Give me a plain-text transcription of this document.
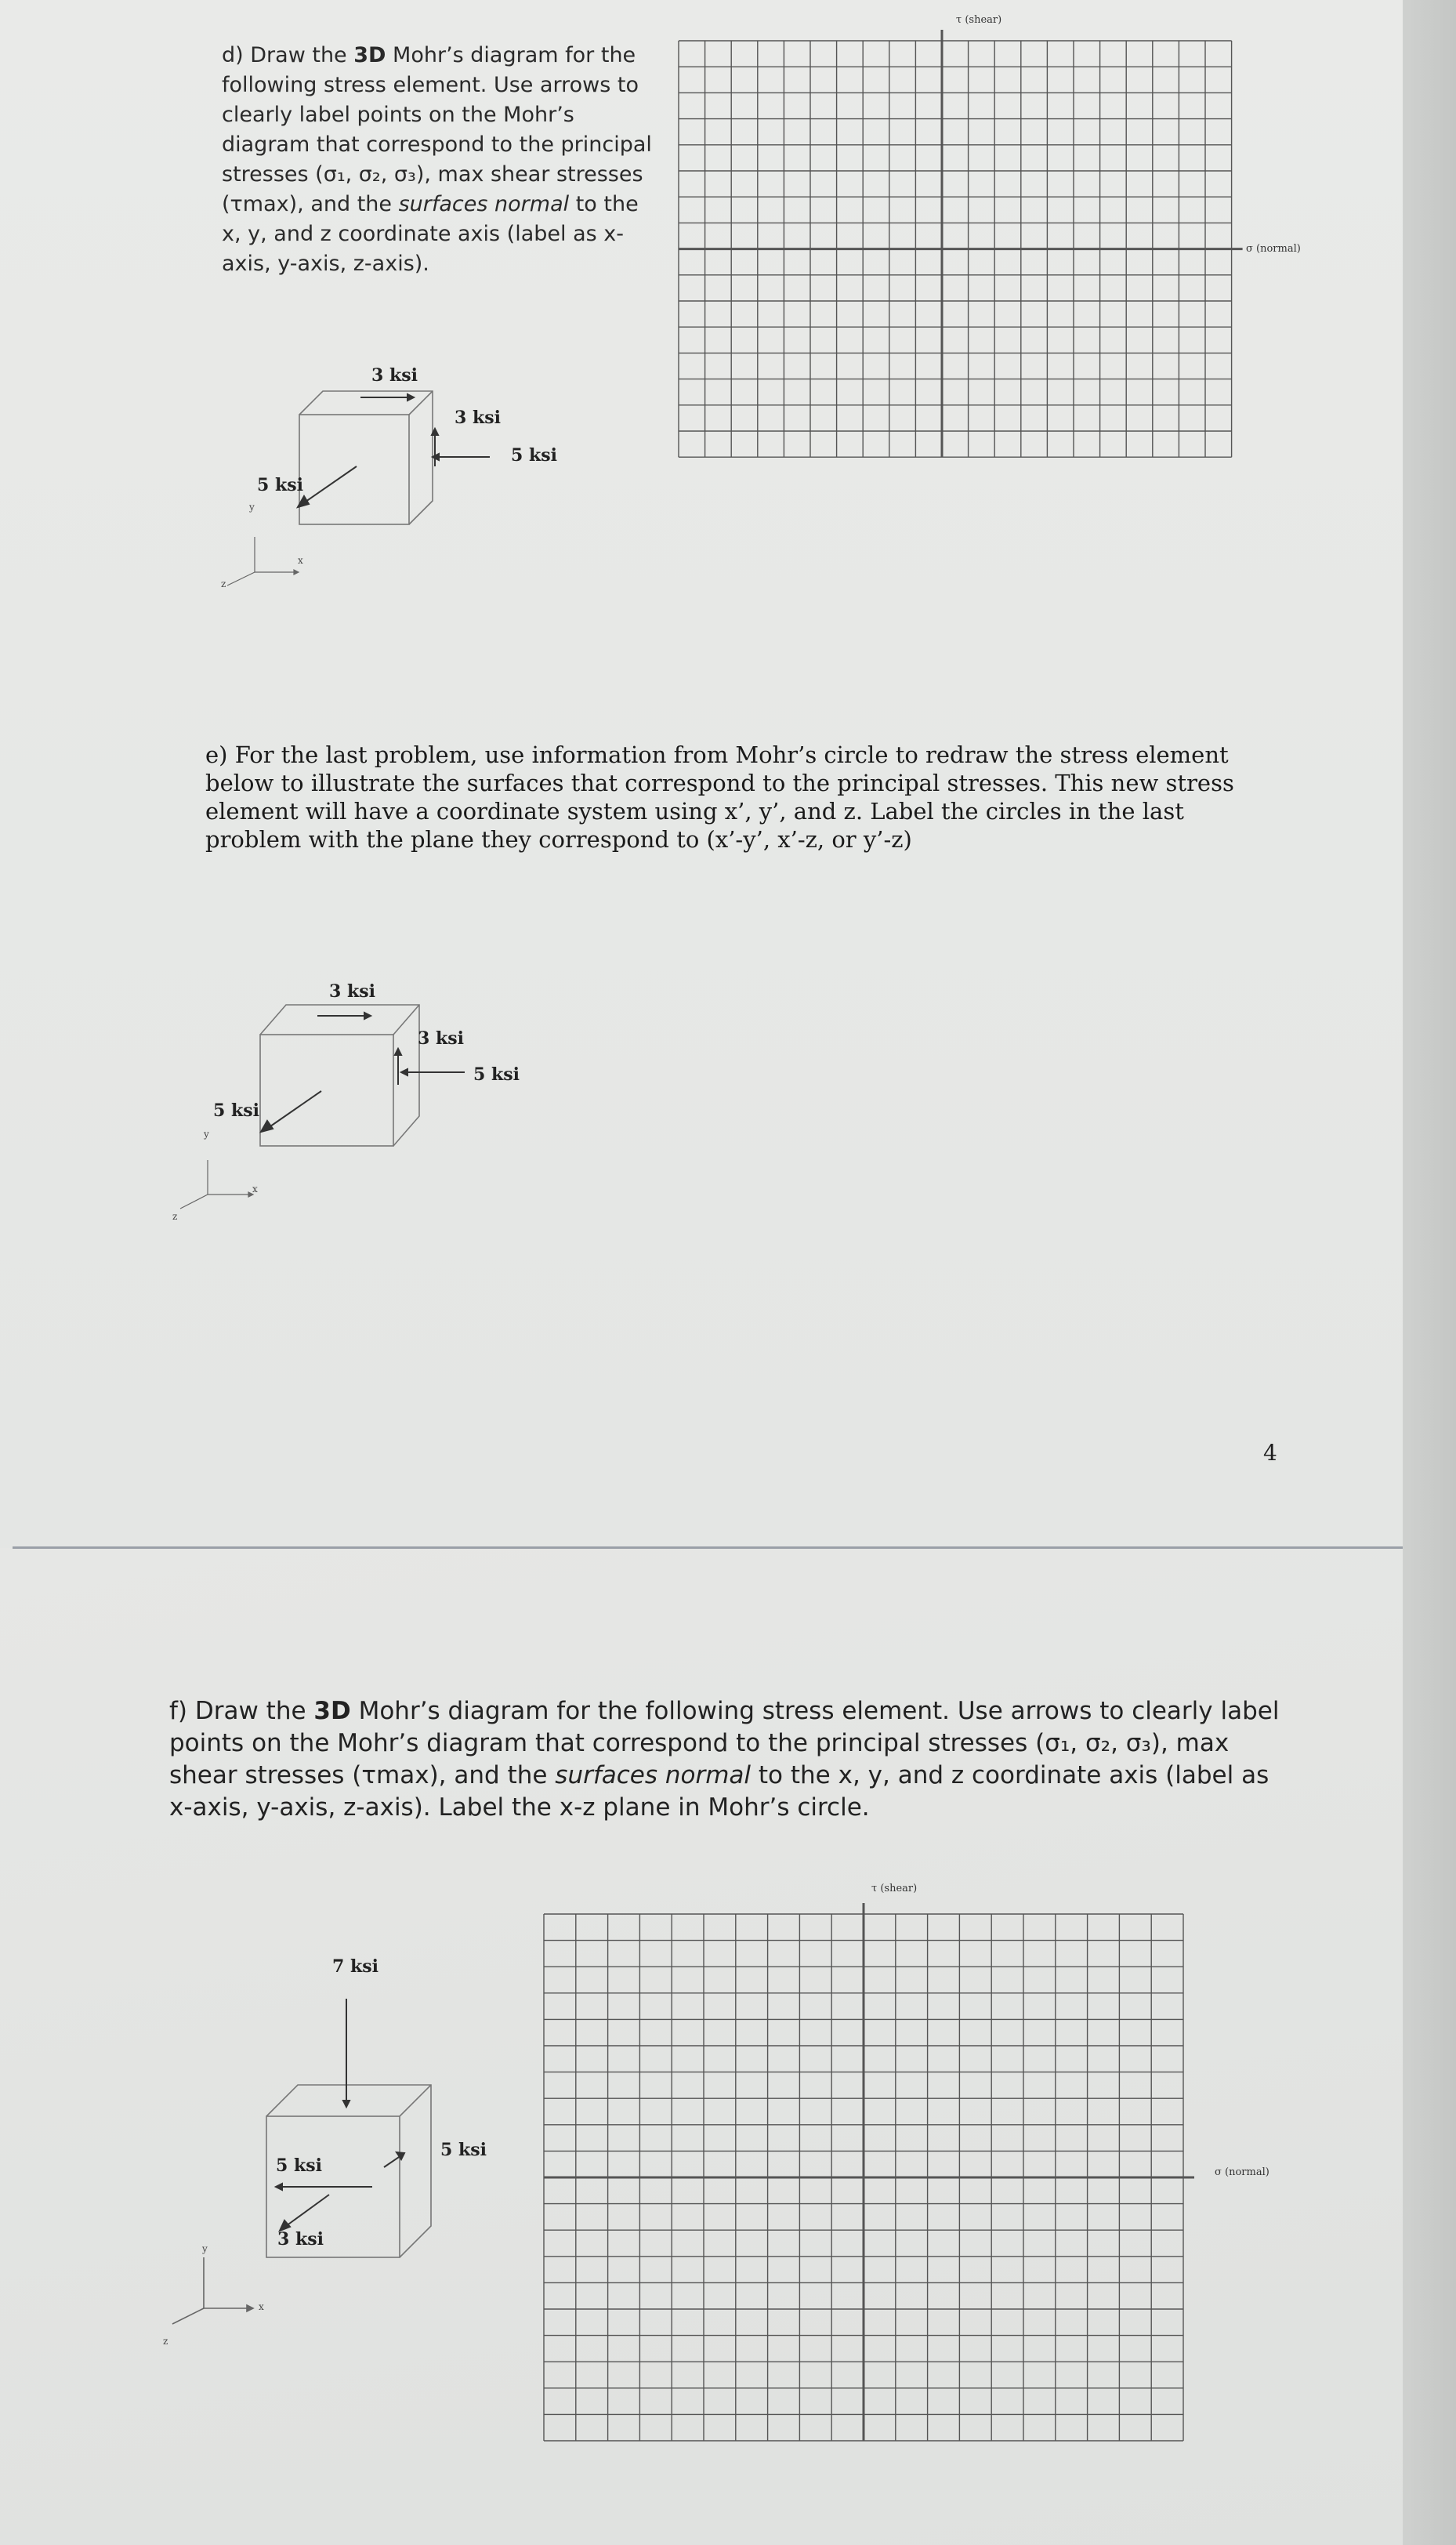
d) Draw the 3D Mohr’s diagram for the following stress element. Use arrows to clearly label points on the Mohr’s diagram that correspond to the principal stresses (σ₁, σ₂, σ₃), max shear stresses (τmax), and the surfaces normal to the x, y, and z coordinate axis (label as x-axis, y-axis, z-axis).
τ (shear)
σ (normal)
3 ksi
3 ksi
5 ksi
5 ksi
y
x
z
e) For the last problem, use information from Mohr’s circle to redraw the stress element below to illustrate the surfaces that correspond to the principal stresses. This new stress element will have a coordinate system using x’, y’, and z. Label the circles in the last problem with the plane they correspond to (x’-y’, x’-z, or y’-z)
3 ksi
3 ksi
5 ksi
5 ksi
y
x
z
4
f) Draw the 3D Mohr’s diagram for the following stress element. Use arrows to clearly label points on the Mohr’s diagram that correspond to the principal stresses (σ₁, σ₂, σ₃), max shear stresses (τmax), and the surfaces normal to the x, y, and z coordinate axis (label as x-axis, y-axis, z-axis). Label the x-z plane in Mohr’s circle.
7 ksi
5 ksi
5 ksi
3 ksi
y
x
z
τ (shear)
σ (normal)
